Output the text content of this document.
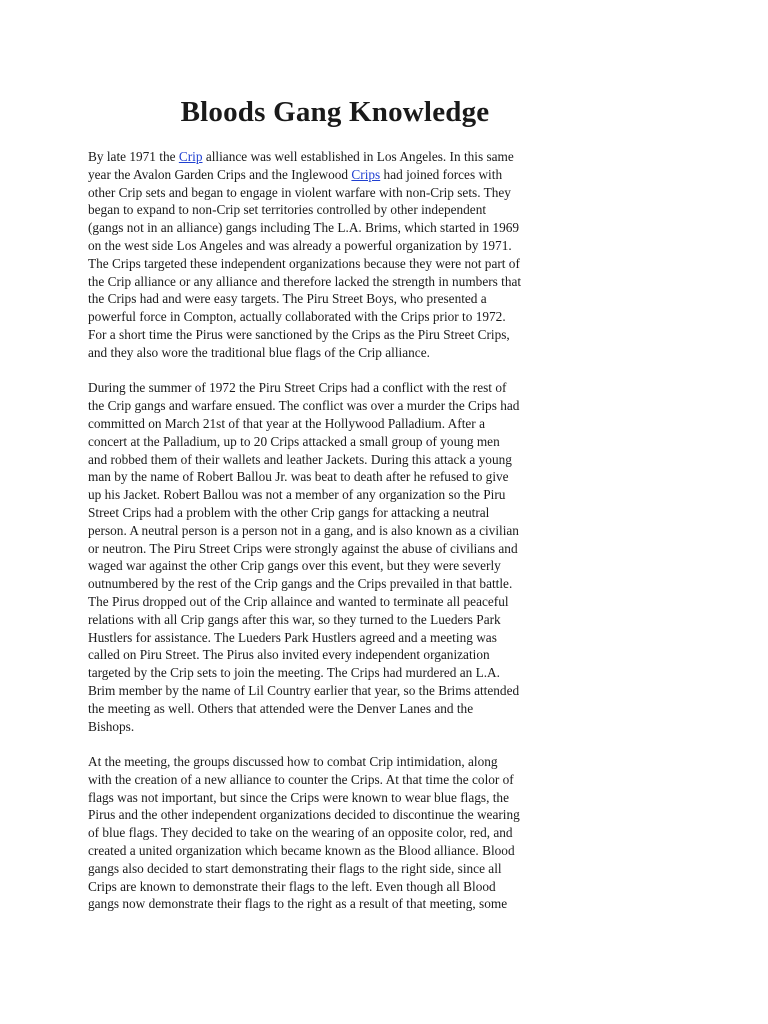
Bloods Gang Knowledge
By late 1971 the Crip alliance was well established in Los Angeles. In this same
year the Avalon Garden Crips and the Inglewood Crips had joined forces with
other Crip sets and began to engage in violent warfare with non-Crip sets. They
began to expand to non-Crip set territories controlled by other independent
(gangs not in an alliance) gangs including The L.A. Brims, which started in 1969
on the west side Los Angeles and was already a powerful organization by 1971.
The Crips targeted these independent organizations because they were not part of
the Crip alliance or any alliance and therefore lacked the strength in numbers that
the Crips had and were easy targets. The Piru Street Boys, who presented a
powerful force in Compton, actually collaborated with the Crips prior to 1972.
For a short time the Pirus were sanctioned by the Crips as the Piru Street Crips,
and they also wore the traditional blue flags of the Crip alliance.
During the summer of 1972 the Piru Street Crips had a conflict with the rest of
the Crip gangs and warfare ensued. The conflict was over a murder the Crips had
committed on March 21st of that year at the Hollywood Palladium. After a
concert at the Palladium, up to 20 Crips attacked a small group of young men
and robbed them of their wallets and leather Jackets. During this attack a young
man by the name of Robert Ballou Jr. was beat to death after he refused to give
up his Jacket. Robert Ballou was not a member of any organization so the Piru
Street Crips had a problem with the other Crip gangs for attacking a neutral
person. A neutral person is a person not in a gang, and is also known as a civilian
or neutron. The Piru Street Crips were strongly against the abuse of civilians and
waged war against the other Crip gangs over this event, but they were severly
outnumbered by the rest of the Crip gangs and the Crips prevailed in that battle.
The Pirus dropped out of the Crip allaince and wanted to terminate all peaceful
relations with all Crip gangs after this war, so they turned to the Lueders Park
Hustlers for assistance. The Lueders Park Hustlers agreed and a meeting was
called on Piru Street. The Pirus also invited every independent organization
targeted by the Crip sets to join the meeting. The Crips had murdered an L.A.
Brim member by the name of Lil Country earlier that year, so the Brims attended
the meeting as well. Others that attended were the Denver Lanes and the
Bishops.
At the meeting, the groups discussed how to combat Crip intimidation, along
with the creation of a new alliance to counter the Crips. At that time the color of
flags was not important, but since the Crips were known to wear blue flags, the
Pirus and the other independent organizations decided to discontinue the wearing
of blue flags. They decided to take on the wearing of an opposite color, red, and
created a united organization which became known as the Blood alliance. Blood
gangs also decided to start demonstrating their flags to the right side, since all
Crips are known to demonstrate their flags to the left. Even though all Blood
gangs now demonstrate their flags to the right as a result of that meeting, some
